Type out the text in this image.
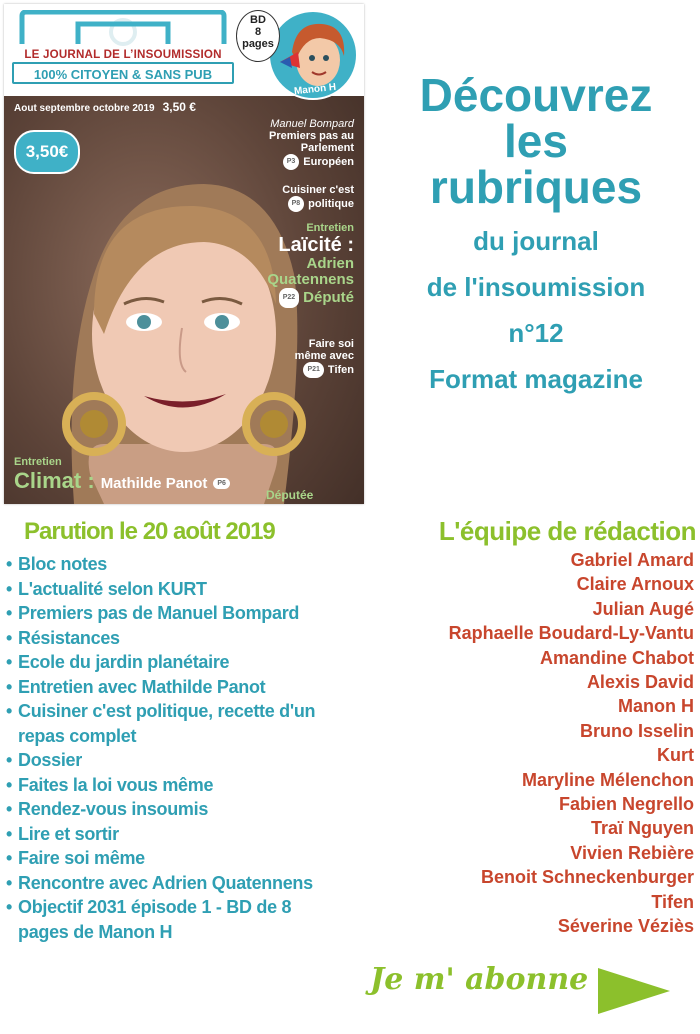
LE JOURNAL DE L’INSOUMISSION
100% CITOYEN & SANS PUB
BD
8
pages
Manon H
Aout septembre octobre 2019 3,50 €
3,50€
Manuel Bompard
Premiers pas au
Parlement
P3 Européen
Cuisiner c'est
P8 politique
Entretien
Laïcité :
Adrien
Quatennens
P22 Député
Faire soi
même avec
P21 Tifen
Entretien
Climat : Mathilde Panot P6
Députée
Découvrez
les
rubriques
du journal
de l'insoumission
n°12
Format magazine
Parution le 20 août 2019
• Bloc notes
• L'actualité selon KURT
• Premiers pas de Manuel Bompard
• Résistances
• Ecole du jardin planétaire
• Entretien avec Mathilde Panot
• Cuisiner c'est politique, recette d'un repas complet
• Dossier
• Faites la loi vous même
• Rendez-vous insoumis
• Lire et sortir
• Faire soi même
• Rencontre avec Adrien Quatennens
• Objectif 2031 épisode 1 - BD de 8 pages de Manon H
L'équipe de rédaction
Gabriel Amard
Claire Arnoux
Julian Augé
Raphaelle Boudard-Ly-Vantu
Amandine Chabot
Alexis David
Manon H
Bruno Isselin
Kurt
Maryline Mélenchon
Fabien Negrello
Traï Nguyen
Vivien Rebière
Benoit Schneckenburger
Tifen
Séverine Véziès
Je m' abonne
